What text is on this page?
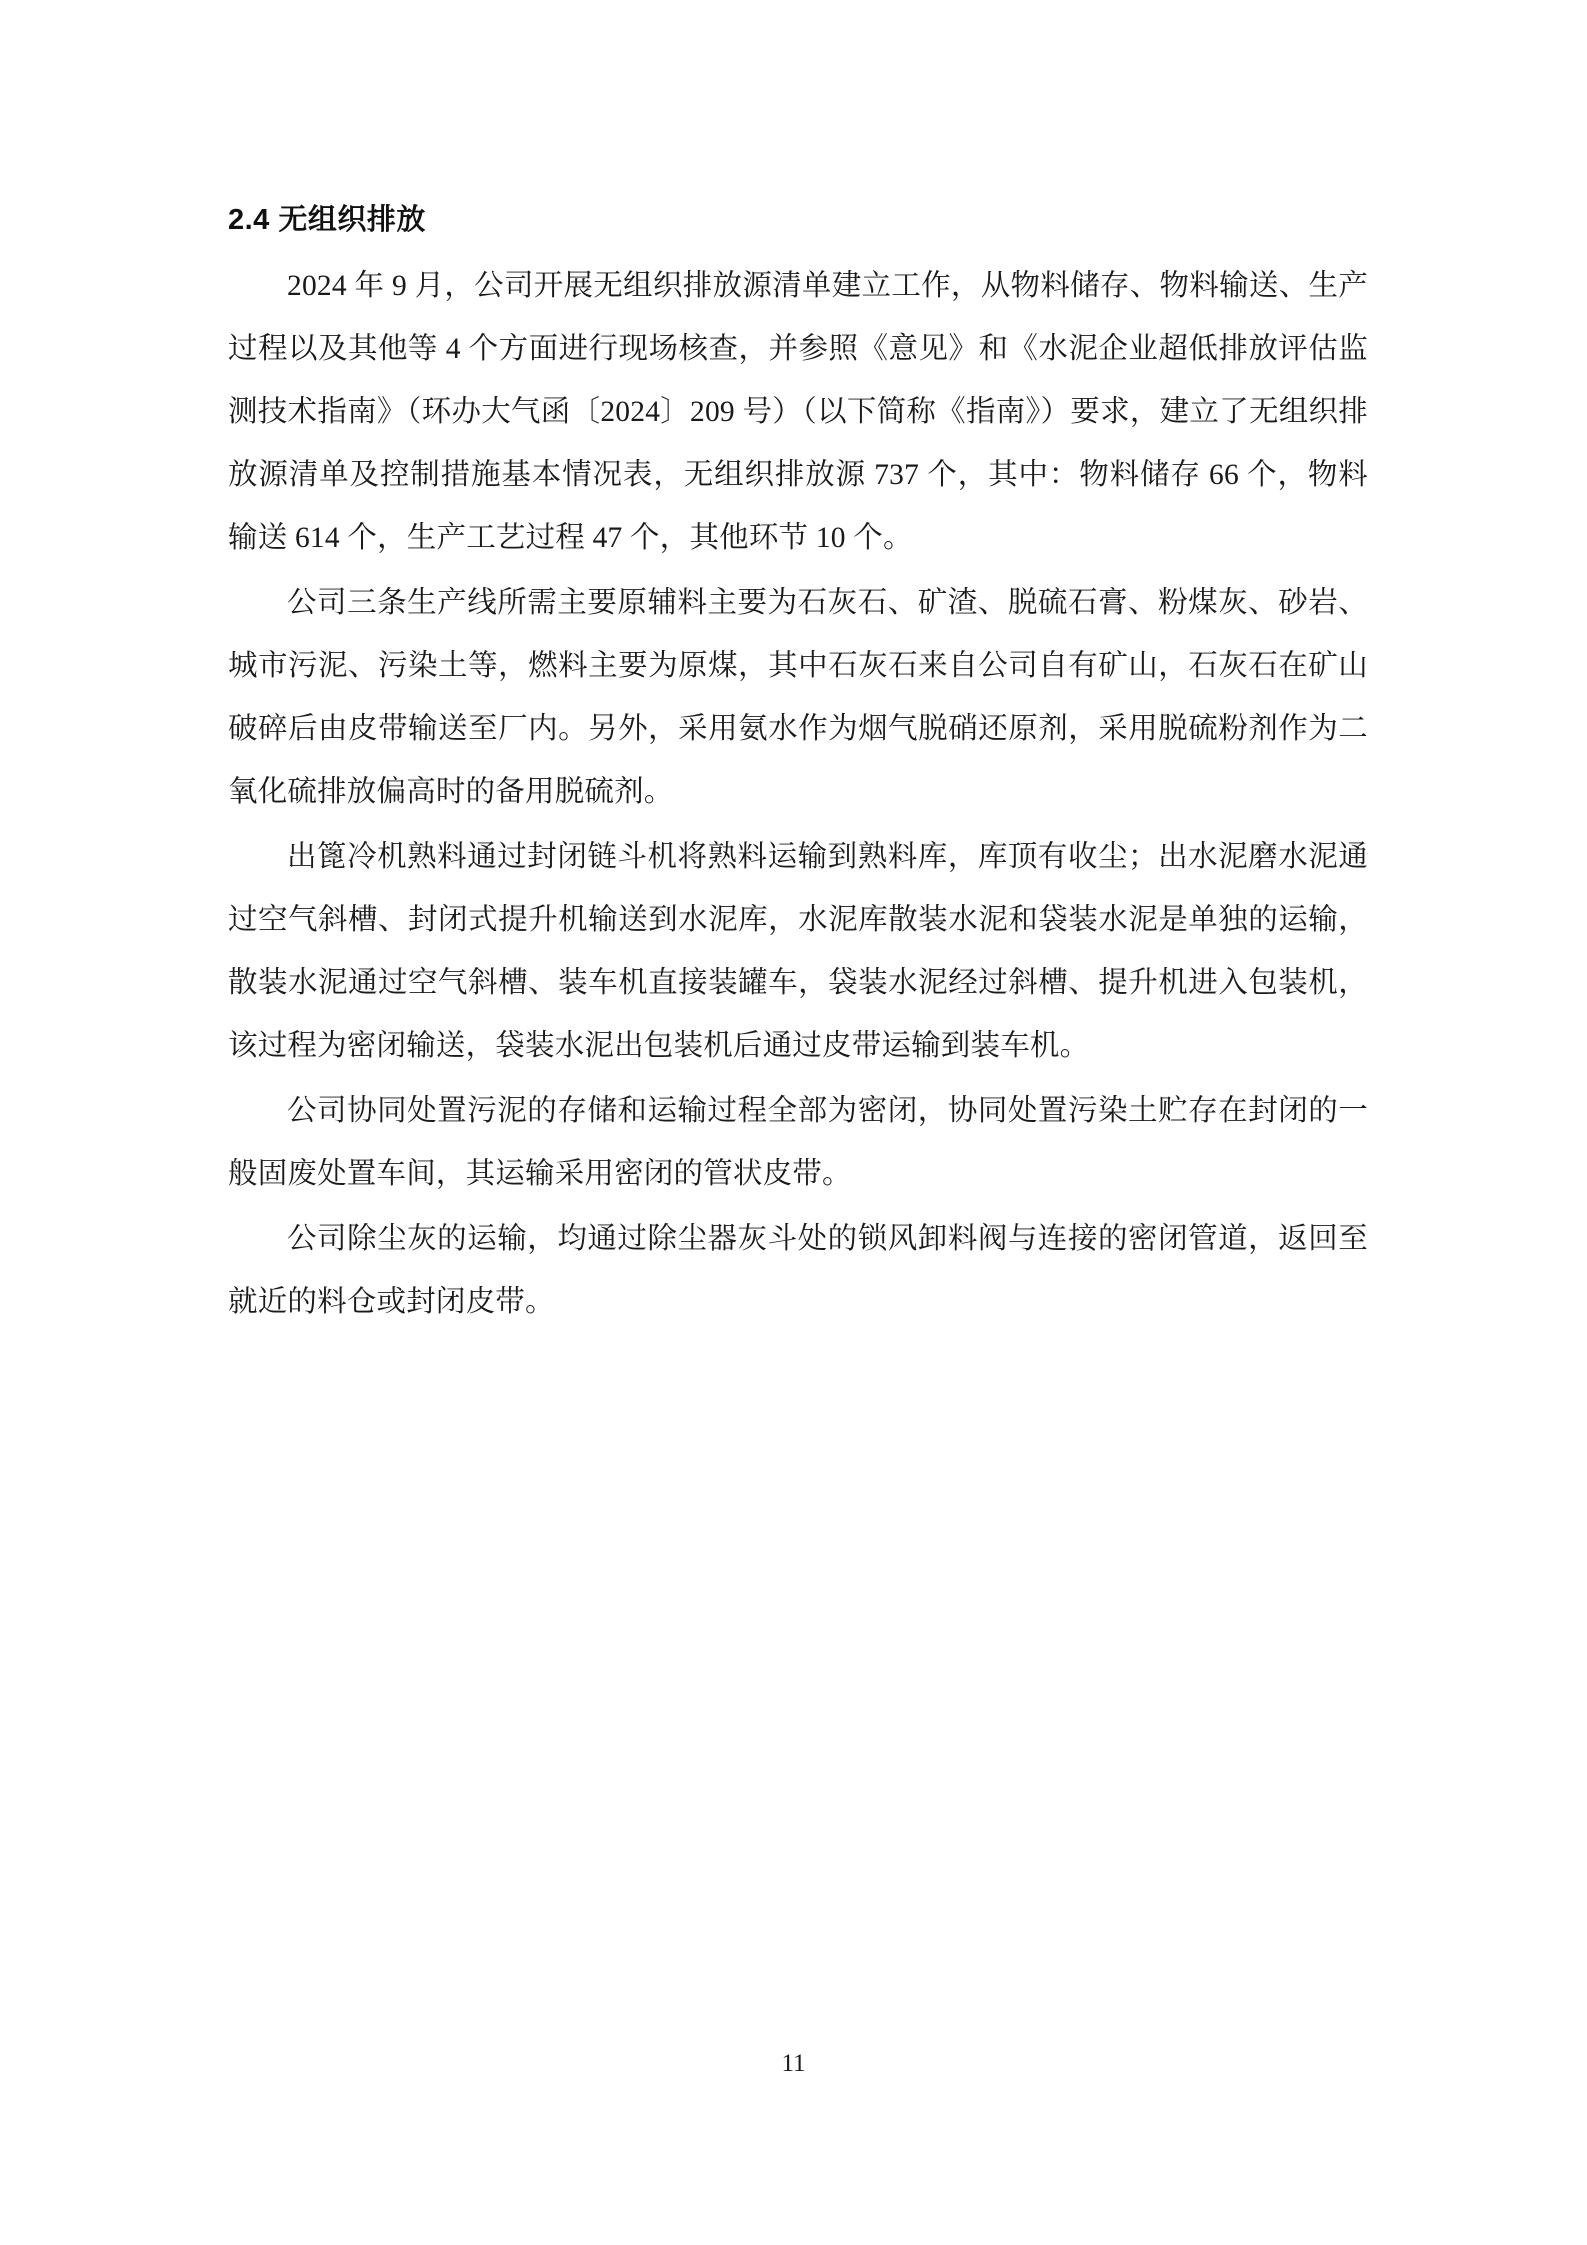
2.4 无组织排放

2024 年 9 月，公司开展无组织排放源清单建立工作，从物料储存、物料输送、生产过程以及其他等 4 个方面进行现场核查，并参照《意见》和《水泥企业超低排放评估监测技术指南》（环办大气函〔2024〕209 号）（以下简称《指南》）要求，建立了无组织排放源清单及控制措施基本情况表，无组织排放源 737 个，其中：物料储存 66 个，物料输送 614 个，生产工艺过程 47 个，其他环节 10 个。

公司三条生产线所需主要原辅料主要为石灰石、矿渣、脱硫石膏、粉煤灰、砂岩、城市污泥、污染土等，燃料主要为原煤，其中石灰石来自公司自有矿山，石灰石在矿山破碎后由皮带输送至厂内。另外，采用氨水作为烟气脱硝还原剂，采用脱硫粉剂作为二氧化硫排放偏高时的备用脱硫剂。

出篦冷机熟料通过封闭链斗机将熟料运输到熟料库，库顶有收尘；出水泥磨水泥通过空气斜槽、封闭式提升机输送到水泥库，水泥库散装水泥和袋装水泥是单独的运输，散装水泥通过空气斜槽、装车机直接装罐车，袋装水泥经过斜槽、提升机进入包装机，该过程为密闭输送，袋装水泥出包装机后通过皮带运输到装车机。

公司协同处置污泥的存储和运输过程全部为密闭，协同处置污染土贮存在封闭的一般固废处置车间，其运输采用密闭的管状皮带。

公司除尘灰的运输，均通过除尘器灰斗处的锁风卸料阀与连接的密闭管道，返回至就近的料仓或封闭皮带。

11
